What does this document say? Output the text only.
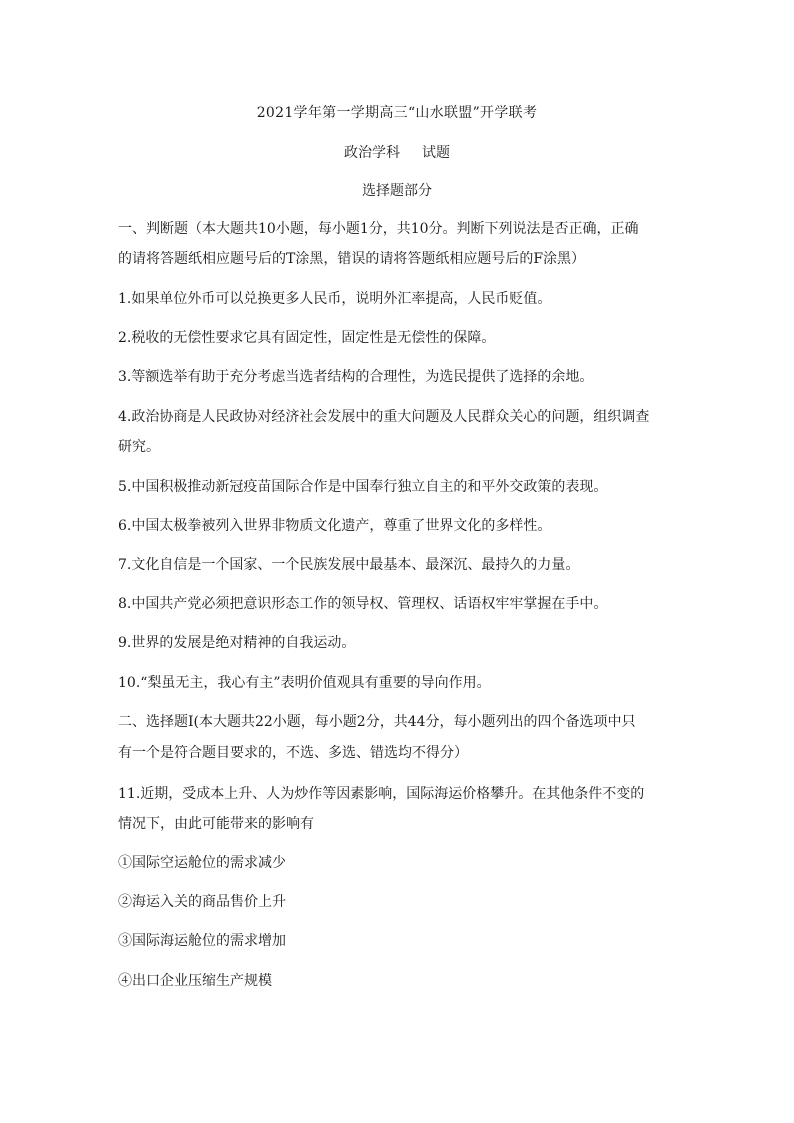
2021学年第一学期高三“山水联盟”开学联考
政治学科 试题
选择题部分
一、判断题（本大题共10小题，每小题1分，共10分。判断下列说法是否正确，正确
的请将答题纸相应题号后的T涂黑，错误的请将答题纸相应题号后的F涂黑）
1.如果单位外币可以兑换更多人民币，说明外汇率提高，人民币贬值。
2.税收的无偿性要求它具有固定性，固定性是无偿性的保障。
3.等额选举有助于充分考虑当选者结构的合理性，为选民提供了选择的余地。
4.政治协商是人民政协对经济社会发展中的重大问题及人民群众关心的问题，组织调查
研究。
5.中国积极推动新冠疫苗国际合作是中国奉行独立自主的和平外交政策的表现。
6.中国太极拳被列入世界非物质文化遗产，尊重了世界文化的多样性。
7.文化自信是一个国家、一个民族发展中最基本、最深沉、最持久的力量。
8.中国共产党必须把意识形态工作的领导权、管理权、话语权牢牢掌握在手中。
9.世界的发展是绝对精神的自我运动。
10.“梨虽无主，我心有主”表明价值观具有重要的导向作用。
二、选择题Ⅰ(本大题共22小题，每小题2分，共44分，每小题列出的四个备选项中只
有一个是符合题目要求的，不选、多选、错选均不得分）
11.近期，受成本上升、人为炒作等因素影响，国际海运价格攀升。在其他条件不变的
情况下，由此可能带来的影响有
①国际空运舱位的需求减少
②海运入关的商品售价上升
③国际海运舱位的需求增加
④出口企业压缩生产规模
